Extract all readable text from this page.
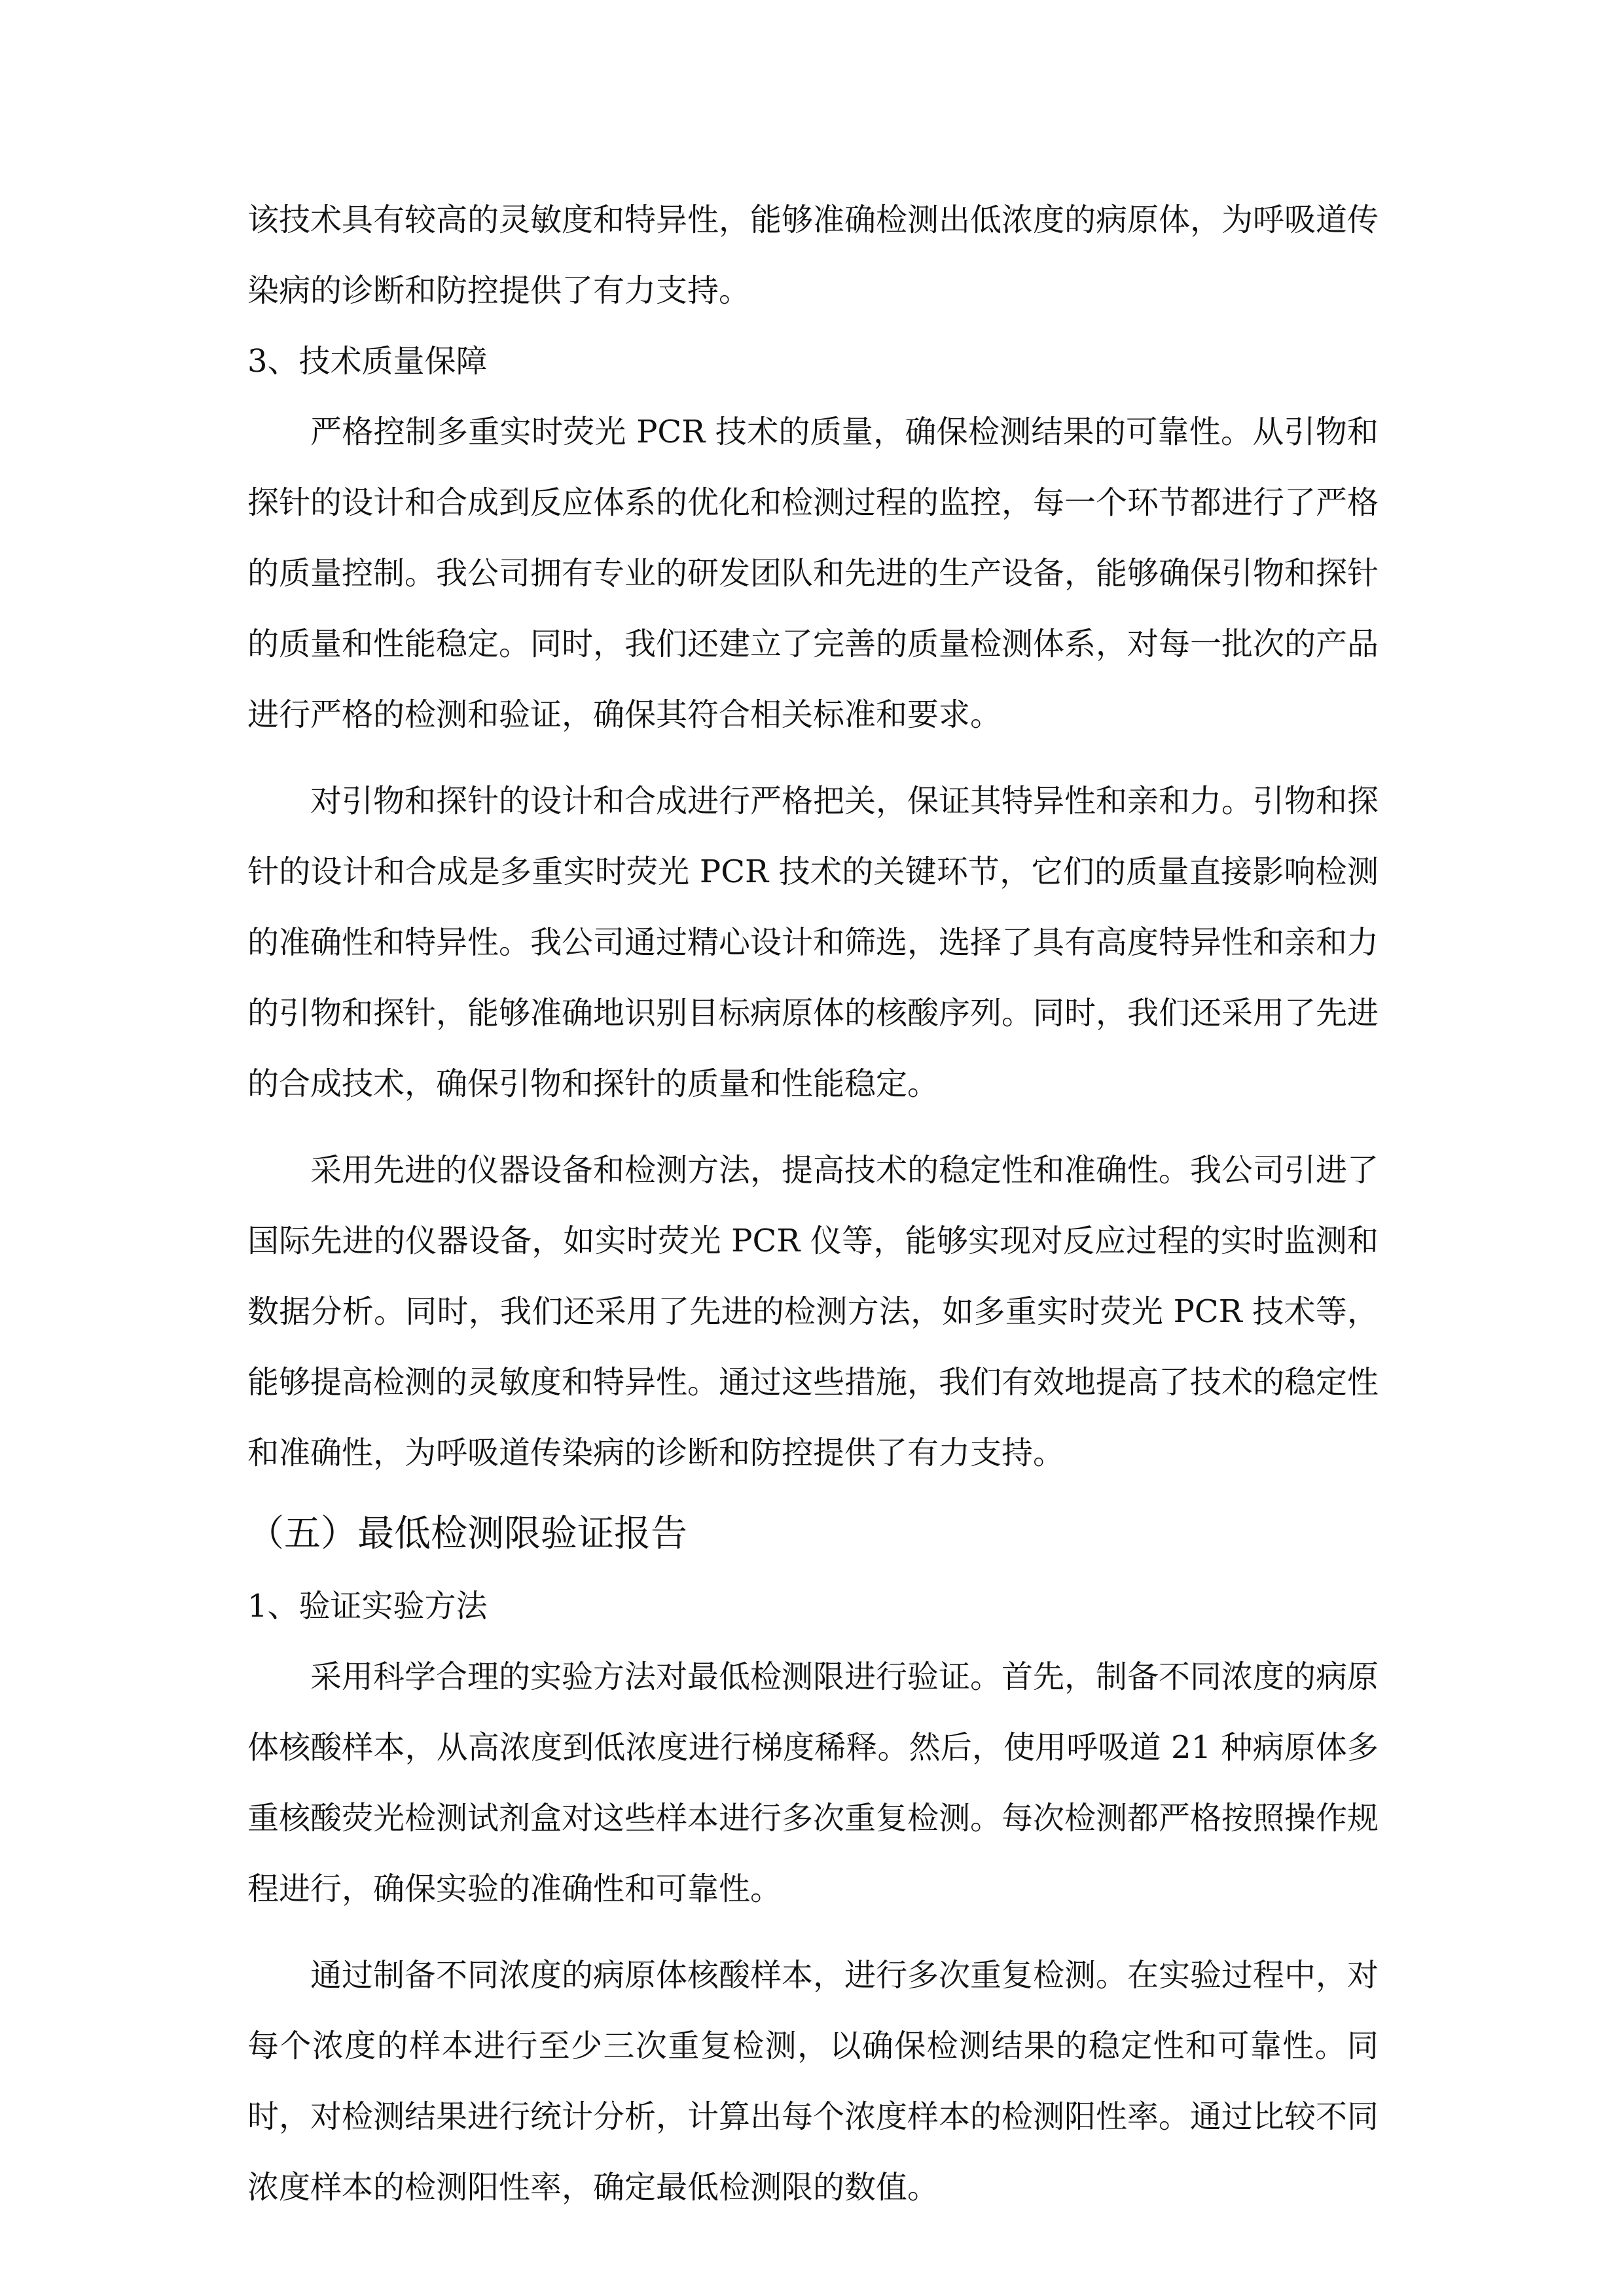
该技术具有较高的灵敏度和特异性，能够准确检测出低浓度的病原体，为呼吸道传染病的诊断和防控提供了有力支持。

3、技术质量保障

严格控制多重实时荧光 PCR 技术的质量，确保检测结果的可靠性。从引物和探针的设计和合成到反应体系的优化和检测过程的监控，每一个环节都进行了严格的质量控制。我公司拥有专业的研发团队和先进的生产设备，能够确保引物和探针的质量和性能稳定。同时，我们还建立了完善的质量检测体系，对每一批次的产品进行严格的检测和验证，确保其符合相关标准和要求。

对引物和探针的设计和合成进行严格把关，保证其特异性和亲和力。引物和探针的设计和合成是多重实时荧光 PCR 技术的关键环节，它们的质量直接影响检测的准确性和特异性。我公司通过精心设计和筛选，选择了具有高度特异性和亲和力的引物和探针，能够准确地识别目标病原体的核酸序列。同时，我们还采用了先进的合成技术，确保引物和探针的质量和性能稳定。

采用先进的仪器设备和检测方法，提高技术的稳定性和准确性。我公司引进了国际先进的仪器设备，如实时荧光 PCR 仪等，能够实现对反应过程的实时监测和数据分析。同时，我们还采用了先进的检测方法，如多重实时荧光 PCR 技术等，能够提高检测的灵敏度和特异性。通过这些措施，我们有效地提高了技术的稳定性和准确性，为呼吸道传染病的诊断和防控提供了有力支持。

（五）最低检测限验证报告

1、验证实验方法

采用科学合理的实验方法对最低检测限进行验证。首先，制备不同浓度的病原体核酸样本，从高浓度到低浓度进行梯度稀释。然后，使用呼吸道 21 种病原体多重核酸荧光检测试剂盒对这些样本进行多次重复检测。每次检测都严格按照操作规程进行，确保实验的准确性和可靠性。

通过制备不同浓度的病原体核酸样本，进行多次重复检测。在实验过程中，对每个浓度的样本进行至少三次重复检测，以确保检测结果的稳定性和可靠性。同时，对检测结果进行统计分析，计算出每个浓度样本的检测阳性率。通过比较不同浓度样本的检测阳性率，确定最低检测限的数值。
